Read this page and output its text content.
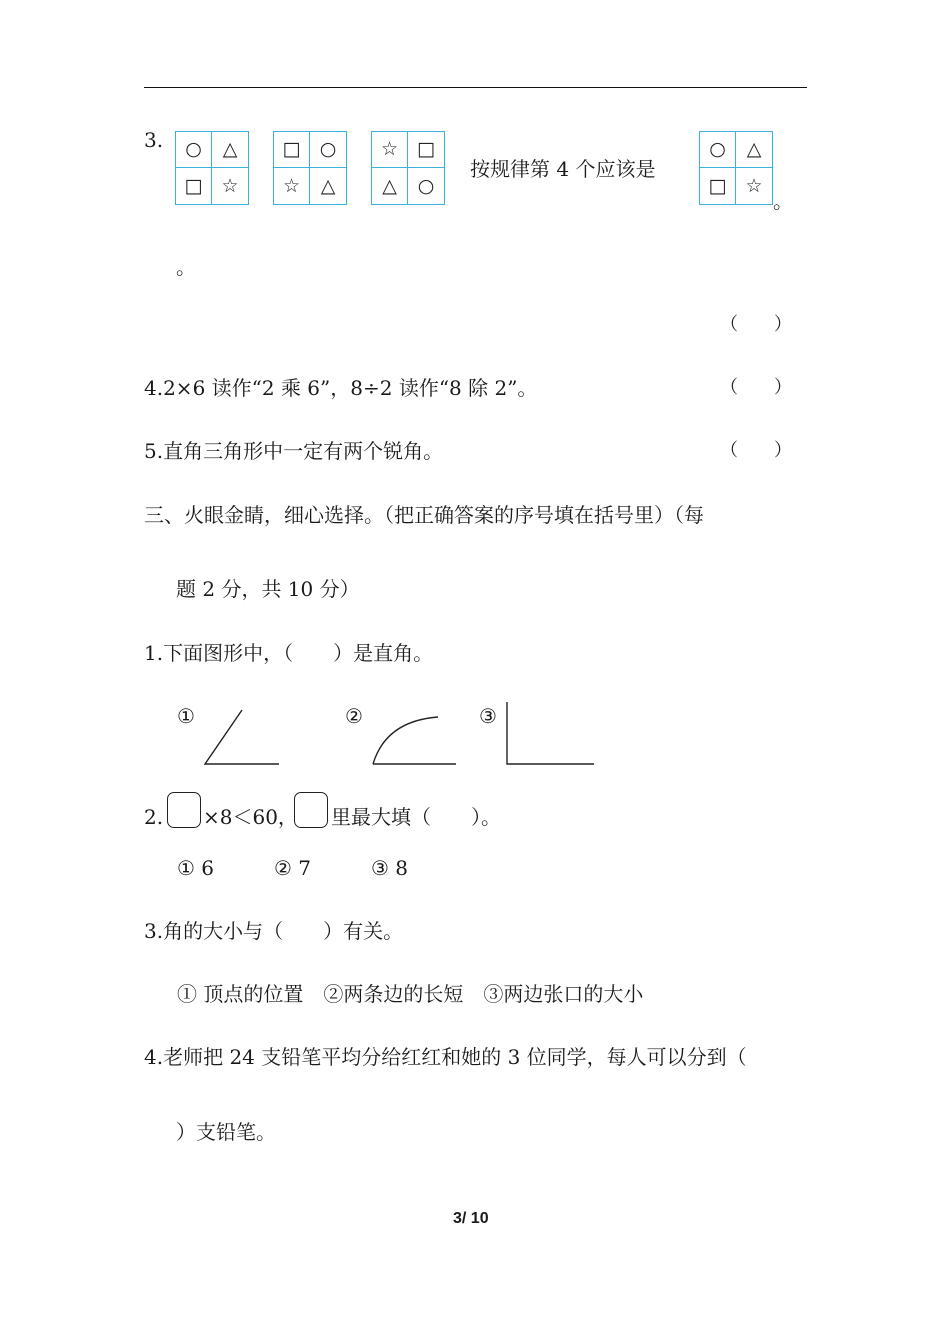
3.	○	△
□	☆
□	○
☆	△
☆	□
△	○
按规律第 4 个应该是
○	△
□	☆
。
。
（　　）
4.2×6 读作“2 乘 6”，8÷2 读作“8 除 2”。	（　　）
5.直角三角形中一定有两个锐角。	（　　）
三、火眼金睛，细心选择。（把正确答案的序号填在括号里）（每
题 2 分，共 10 分）
1.下面图形中，（　　）是直角。
①	②	③
2. ×8＜60， 里最大填（　　）。
① 6　　　② 7　　　③ 8
3.角的大小与（　　）有关。
① 顶点的位置　②两条边的长短　③两边张口的大小
4.老师把 24 支铅笔平均分给红红和她的 3 位同学，每人可以分到（
）支铅笔。
3/ 10
